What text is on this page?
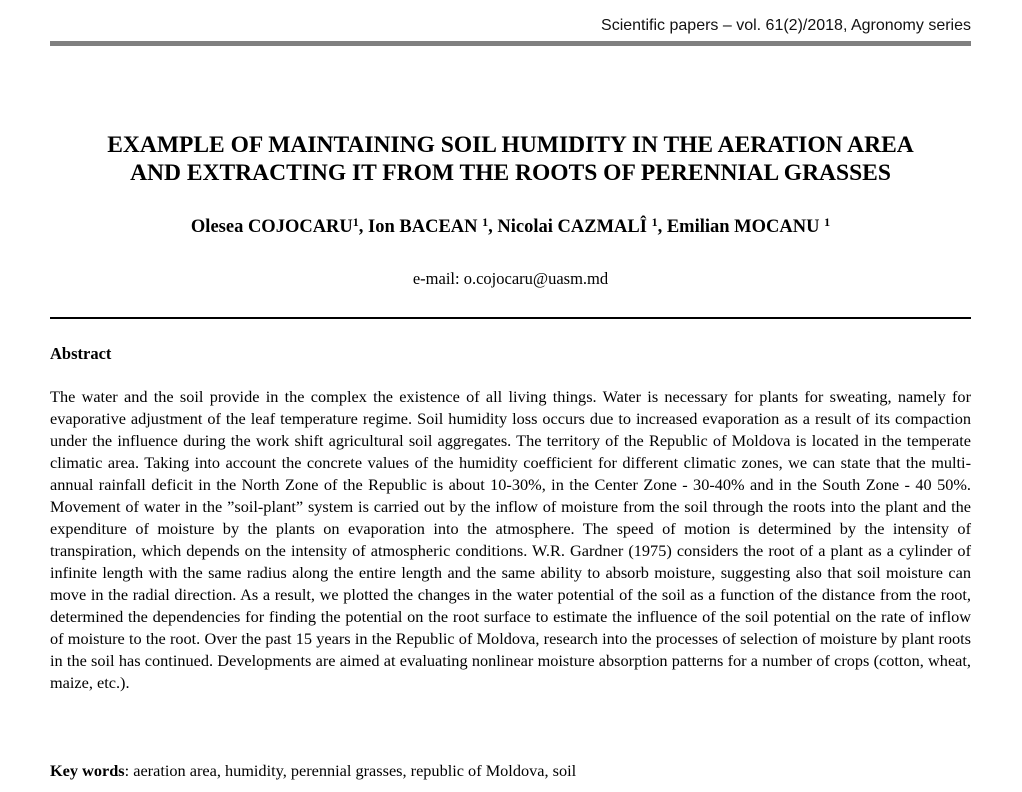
Scientific papers – vol. 61(2)/2018, Agronomy series
EXAMPLE OF MAINTAINING SOIL HUMIDITY IN THE AERATION AREA
AND EXTRACTING IT FROM THE ROOTS OF PERENNIAL GRASSES
Olesea COJOCARU$^1$, Ion BACEAN $^1$, Nicolai CAZMALÎ $^1$, Emilian MOCANU $^1$
e-mail: o.cojocaru@uasm.md
Abstract
The water and the soil provide in the complex the existence of all living things. Water is necessary for plants for sweating, namely for evaporative adjustment of the leaf temperature regime. Soil humidity loss occurs due to increased evaporation as a result of its compaction under the influence during the work shift agricultural soil aggregates. The territory of the Republic of Moldova is located in the temperate climatic area. Taking into account the concrete values of the humidity coefficient for different climatic zones, we can state that the multi-annual rainfall deficit in the North Zone of the Republic is about 10-30%, in the Center Zone - 30-40% and in the South Zone - 40 50%. Movement of water in the ”soil-plant” system is carried out by the inflow of moisture from the soil through the roots into the plant and the expenditure of moisture by the plants on evaporation into the atmosphere. The speed of motion is determined by the intensity of transpiration, which depends on the intensity of atmospheric conditions. W.R. Gardner (1975) considers the root of a plant as a cylinder of infinite length with the same radius along the entire length and the same ability to absorb moisture, suggesting also that soil moisture can move in the radial direction. As a result, we plotted the changes in the water potential of the soil as a function of the distance from the root, determined the dependencies for finding the potential on the root surface to estimate the influence of the soil potential on the rate of inflow of moisture to the root. Over the past 15 years in the Republic of Moldova, research into the processes of selection of moisture by plant roots in the soil has continued. Developments are aimed at evaluating nonlinear moisture absorption patterns for a number of crops (cotton, wheat, maize, etc.).
Key words: aeration area, humidity, perennial grasses, republic of Moldova, soil
